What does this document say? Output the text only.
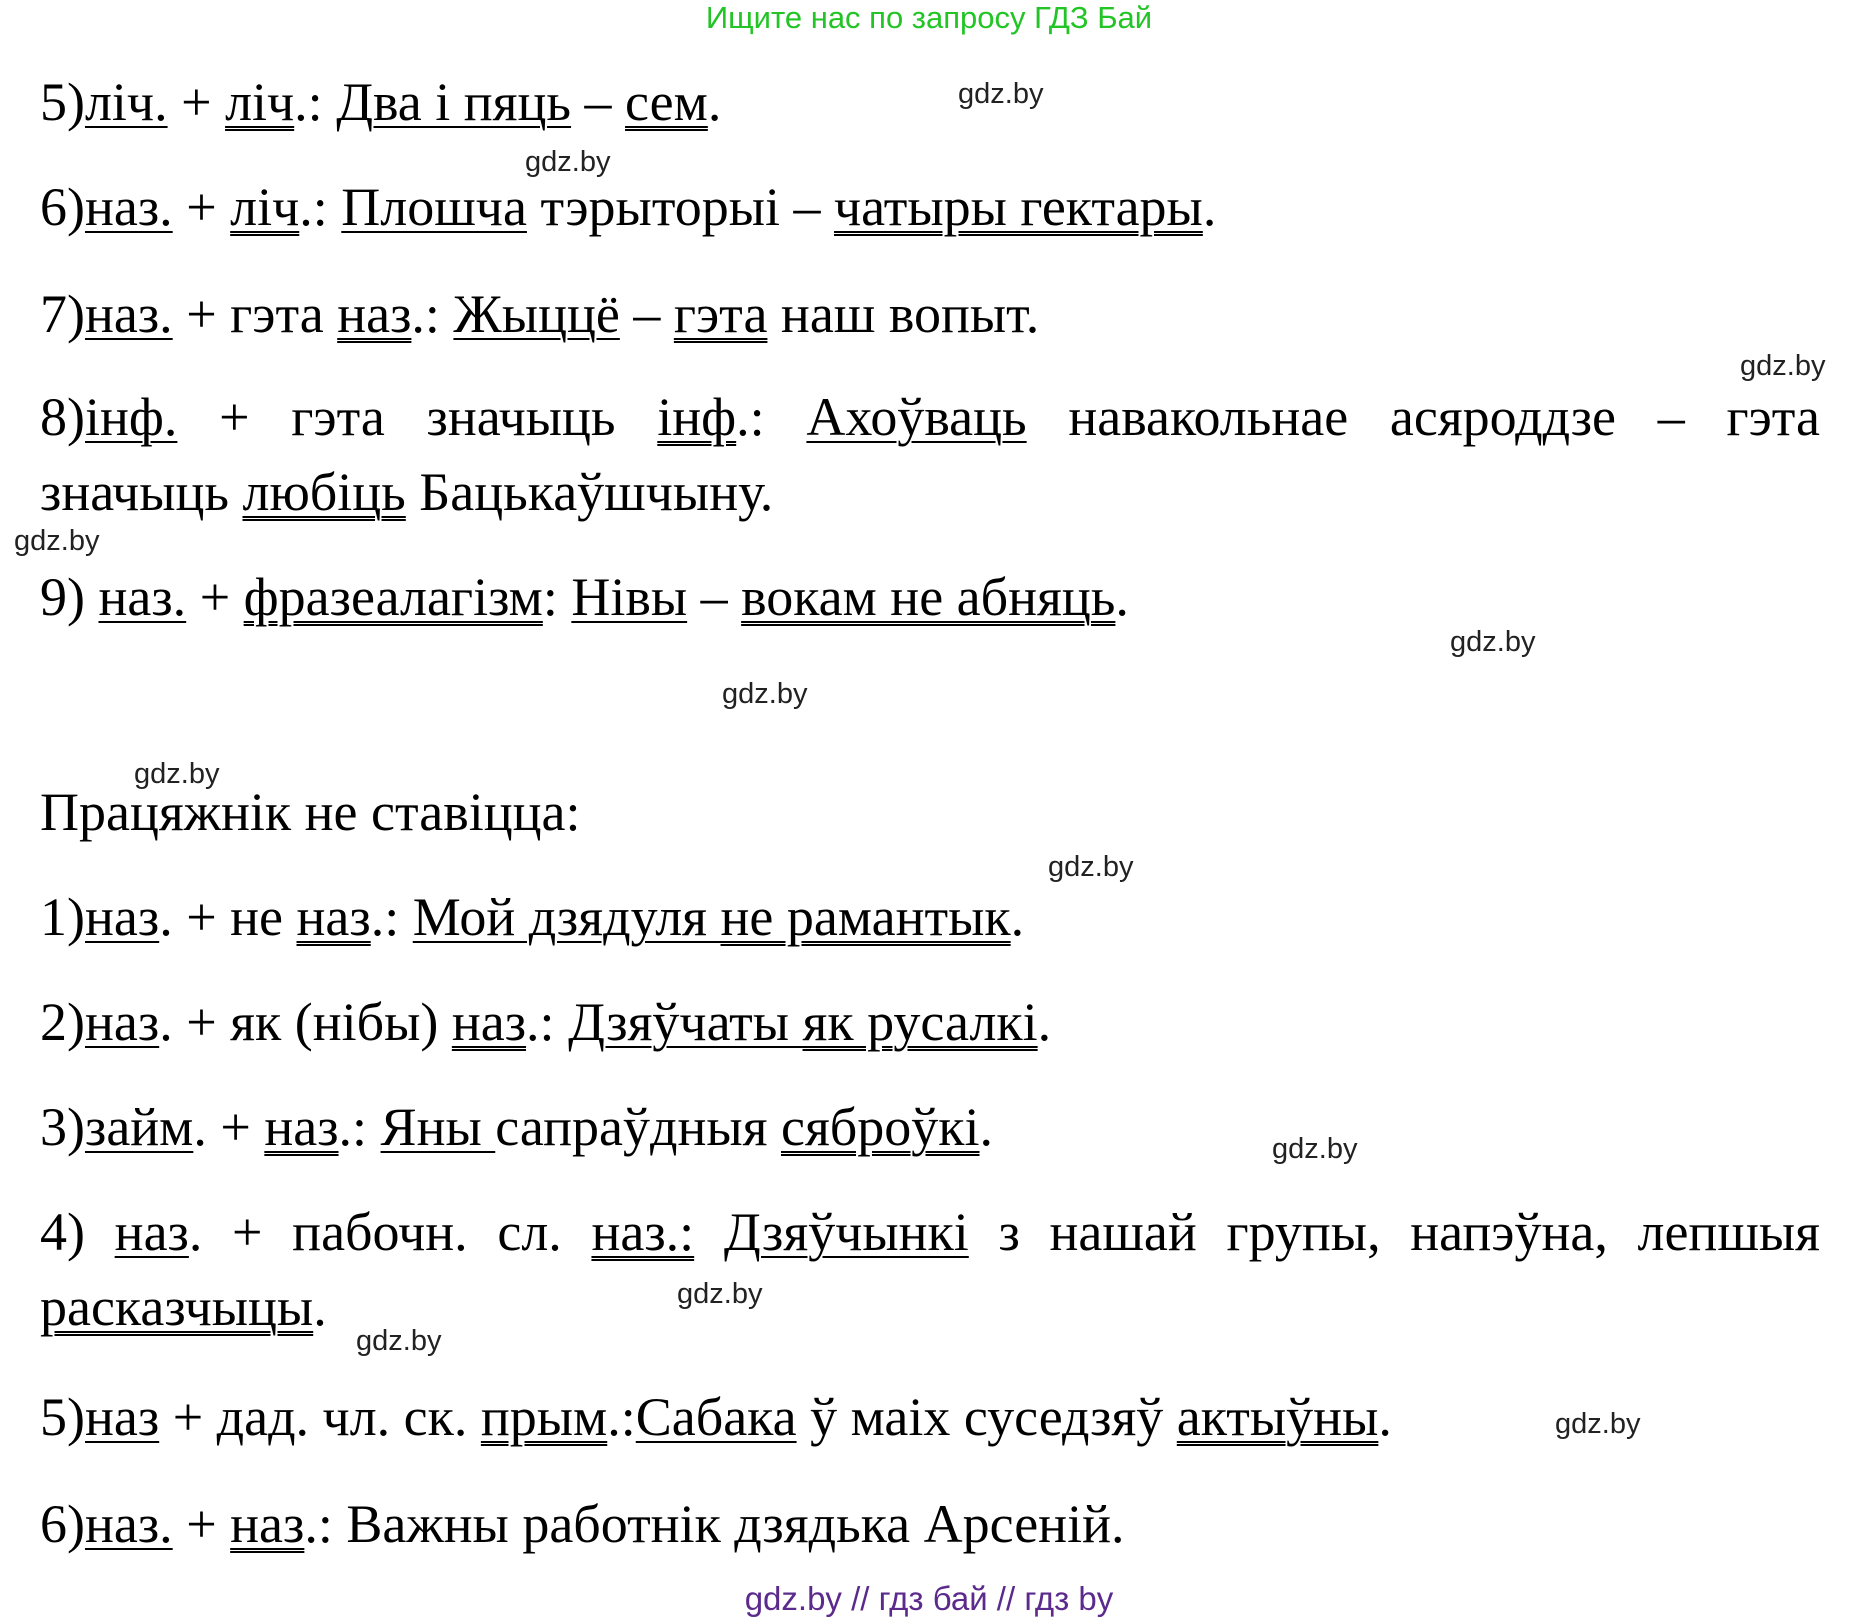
Ищите нас по запросу ГДЗ Бай
5)ліч. + ліч.: Два і пяць – сем.
6)наз. + ліч.: Плошча тэрыторыі – чатыры гектары.
7)наз. + гэта наз.: Жыццё – гэта наш вопыт.
8)інф. + гэта значыць інф.: Ахоўваць навакольнае асяроддзе – гэта
значыць любіць Бацькаўшчыну.
9) наз. + фразеалагізм: Нівы – вокам не абняць.
Працяжнік не ставіцца:
1)наз. + не наз.: Мой дзядуля не рамантык.
2)наз. + як (нібы) наз.: Дзяўчаты як русалкі.
3)займ. + наз.: Яны сапраўдныя сяброўкі.
4) наз. + пабочн. сл. наз.: Дзяўчынкі з нашай групы, напэўна, лепшыя
расказчыцы.
5)наз + дад. чл. ск. прым.:Сабака ў маіх суседзяў актыўны.
6)наз. + наз.: Важны работнік дзядька Арсеній.
gdz.by
gdz.by
gdz.by
gdz.by
gdz.by
gdz.by
gdz.by
gdz.by
gdz.by
gdz.by
gdz.by
gdz.by
gdz.by // гдз бай // гдз by
